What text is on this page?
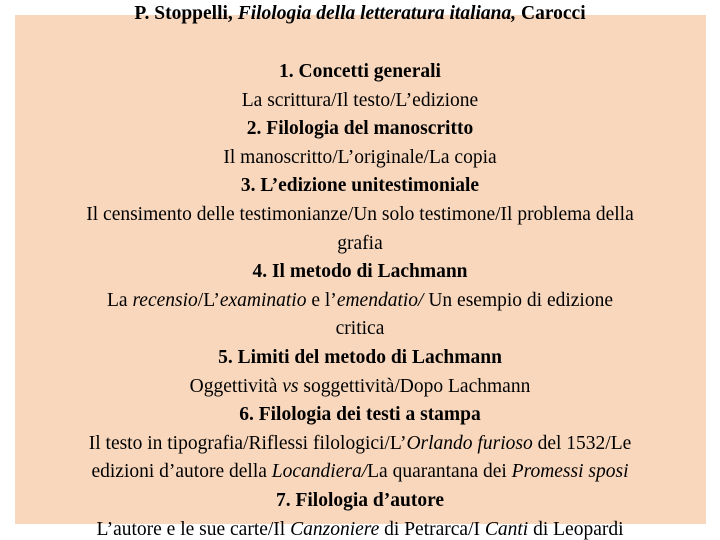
P. Stoppelli, Filologia della letteratura italiana, Carocci
1. Concetti generali
La scrittura/Il testo/L’edizione
2. Filologia del manoscritto
Il manoscritto/L’originale/La copia
3. L’edizione unitestimoniale
Il censimento delle testimonianze/Un solo testimone/Il problema della
grafia
4. Il metodo di Lachmann
La recensio/L’examinatio e l’emendatio/ Un esempio di edizione
critica
5. Limiti del metodo di Lachmann
Oggettività vs soggettività/Dopo Lachmann
6. Filologia dei testi a stampa
Il testo in tipografia/Riflessi filologici/L’Orlando furioso del 1532/Le
edizioni d’autore della Locandiera/La quarantana dei Promessi sposi
7. Filologia d’autore
L’autore e le sue carte/Il Canzoniere di Petrarca/I Canti di Leopardi
